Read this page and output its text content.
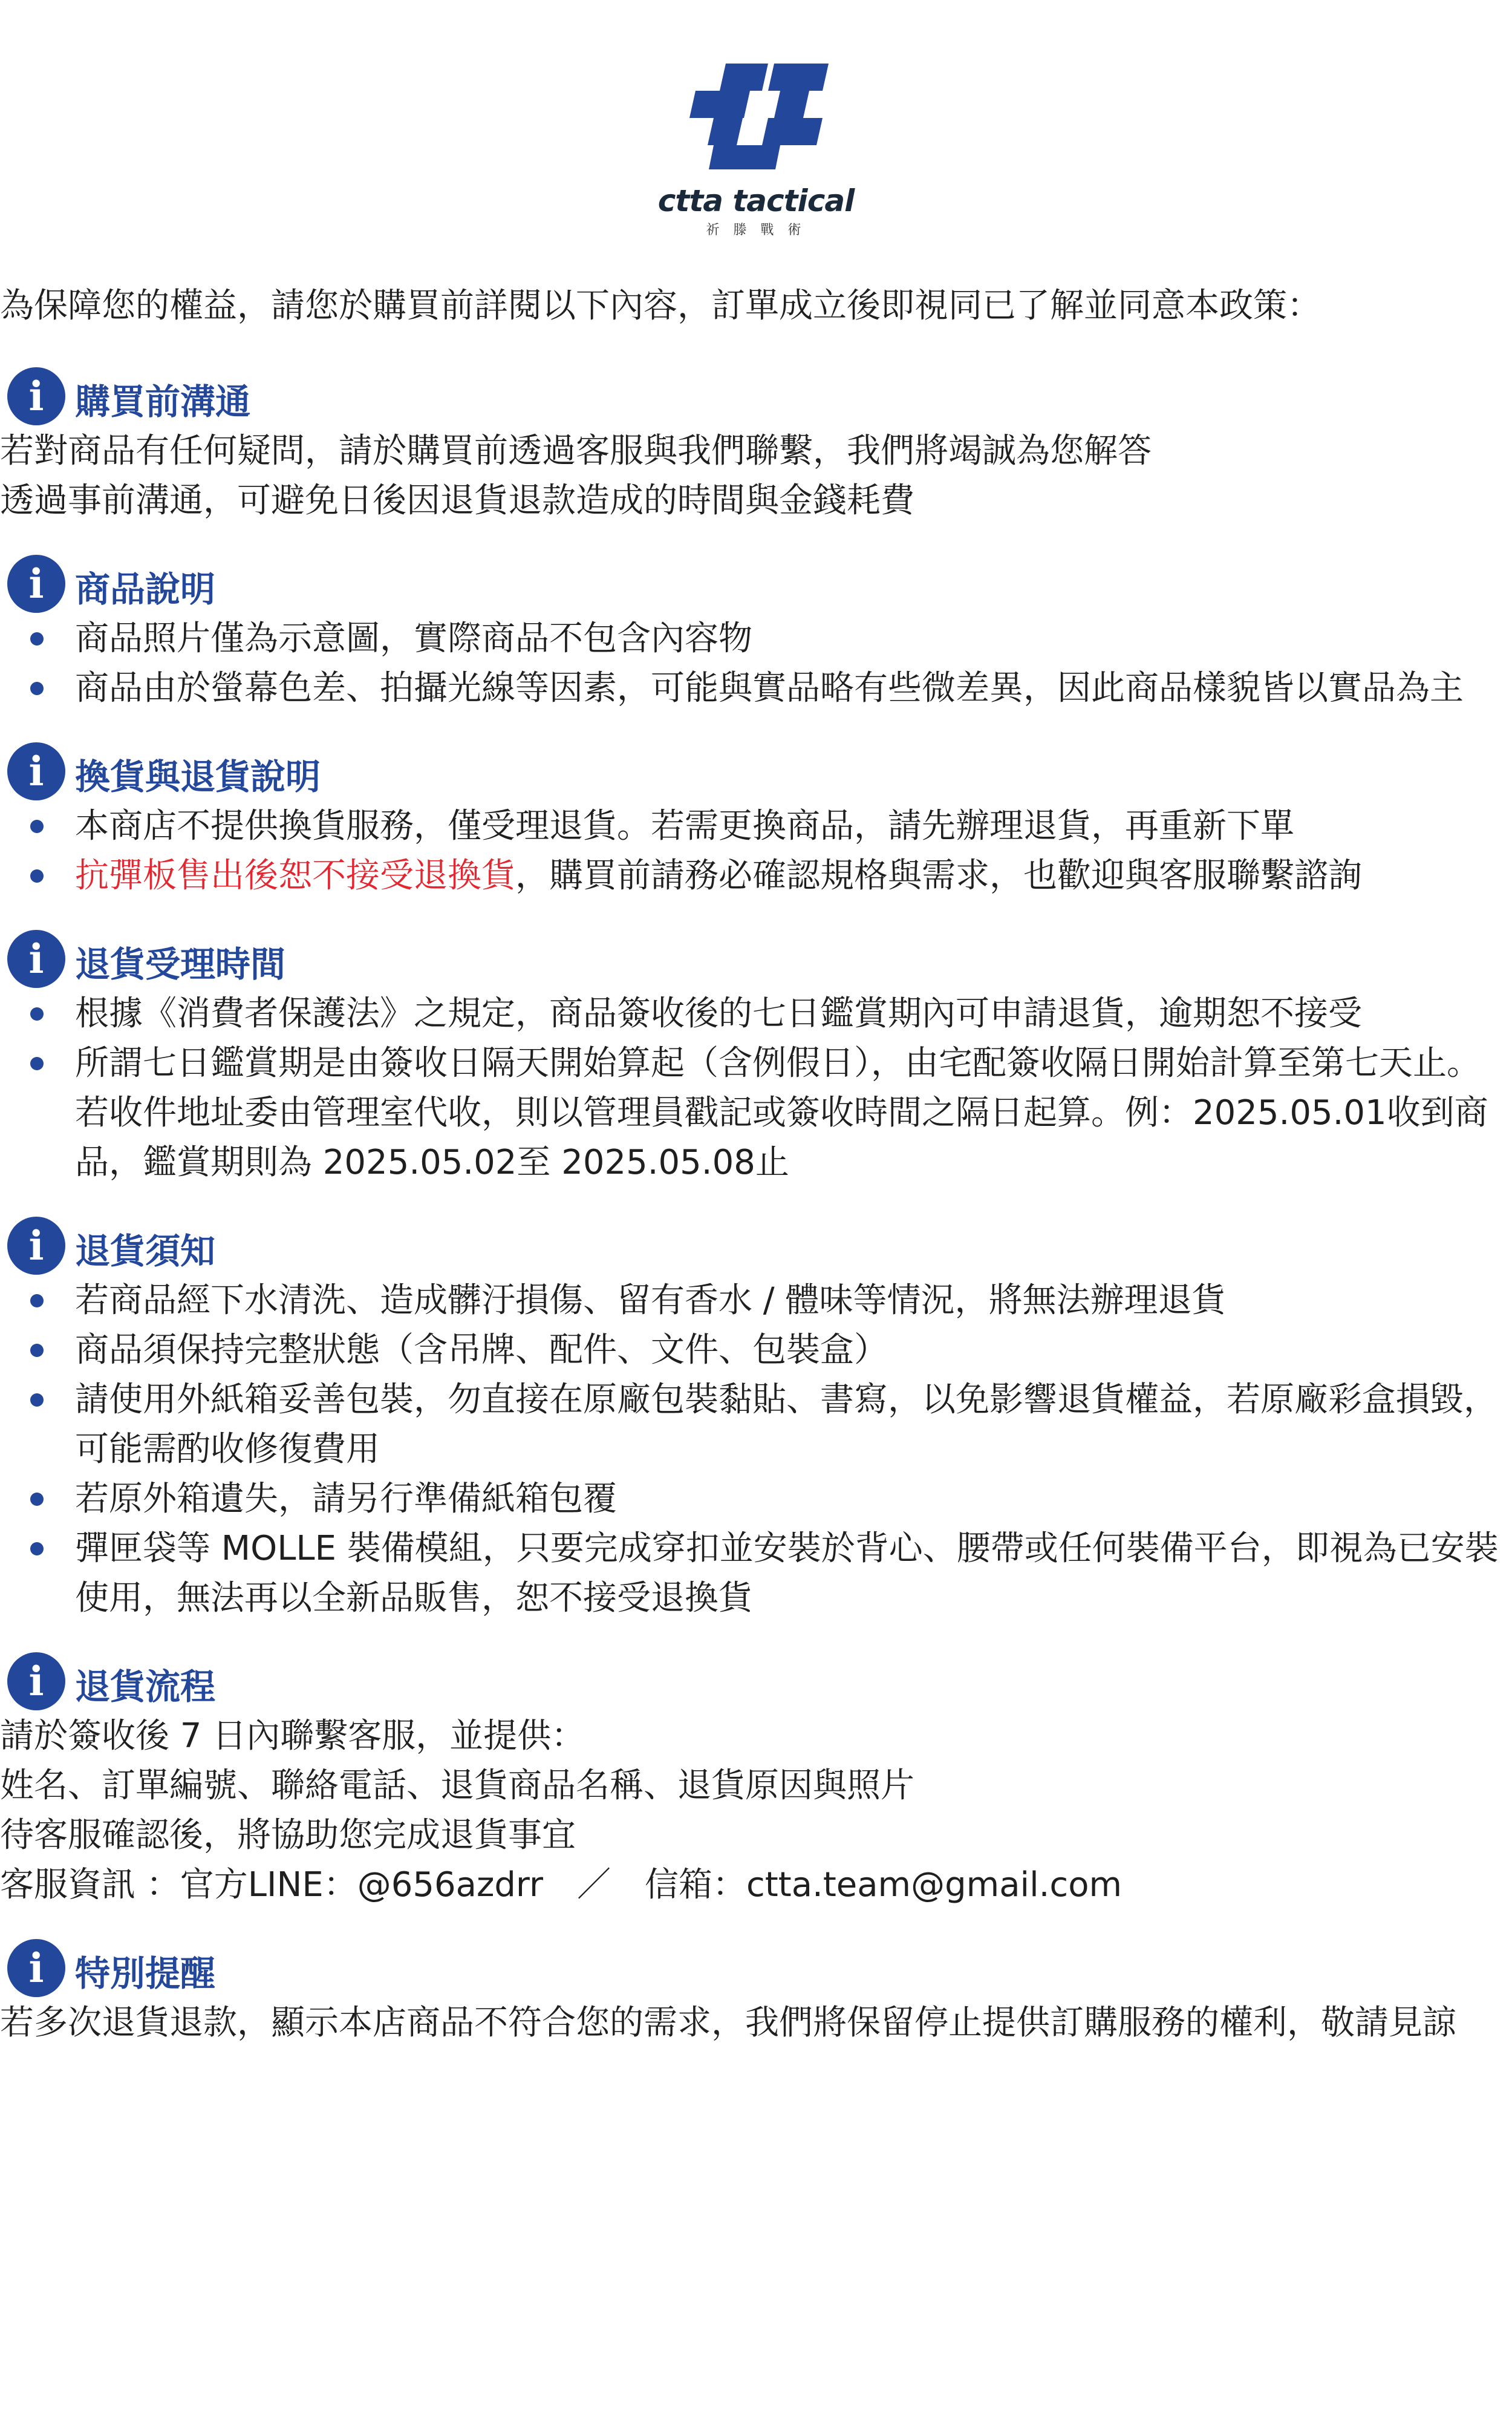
ctta tactical
祈 滕 戰 術

為保障您的權益，請您於購買前詳閱以下內容，訂單成立後即視同已了解並同意本政策：

i 購買前溝通

若對商品有任何疑問，請於購買前透過客服與我們聯繫，我們將竭誠為您解答

透過事前溝通，可避免日後因退貨退款造成的時間與金錢耗費

i 商品說明
商品照片僅為示意圖，實際商品不包含內容物
商品由於螢幕色差、拍攝光線等因素，可能與實品略有些微差異，因此商品樣貌皆以實品為主
i 換貨與退貨說明
本商店不提供換貨服務，僅受理退貨。若需更換商品，請先辦理退貨，再重新下單
抗彈板售出後恕不接受退換貨，購買前請務必確認規格與需求，也歡迎與客服聯繫諮詢
i 退貨受理時間
根據《消費者保護法》之規定，商品簽收後的七日鑑賞期內可申請退貨，逾期恕不接受
所謂七日鑑賞期是由簽收日隔天開始算起（含例假日），由宅配簽收隔日開始計算至第七天止。若收件地址委由管理室代收，則以管理員戳記或簽收時間之隔日起算。例：2025.05.01收到商品，鑑賞期則為 2025.05.02至 2025.05.08止
i 退貨須知
若商品經下水清洗、造成髒汙損傷、留有香水 / 體味等情況，將無法辦理退貨
商品須保持完整狀態（含吊牌、配件、文件、包裝盒）
請使用外紙箱妥善包裝，勿直接在原廠包裝黏貼、書寫，以免影響退貨權益，若原廠彩盒損毀，可能需酌收修復費用
若原外箱遺失，請另行準備紙箱包覆
彈匣袋等 MOLLE 裝備模組，只要完成穿扣並安裝於背心、腰帶或任何裝備平台，即視為已安裝使用，無法再以全新品販售，恕不接受退換貨
i 退貨流程

請於簽收後 7 日內聯繫客服，並提供：

姓名、訂單編號、聯絡電話、退貨商品名稱、退貨原因與照片

待客服確認後，將協助您完成退貨事宜

客服資訊 ：官方LINE：@656azdrr　／　信箱：ctta.team@gmail.com

i 特別提醒

若多次退貨退款，顯示本店商品不符合您的需求，我們將保留停止提供訂購服務的權利，敬請見諒
